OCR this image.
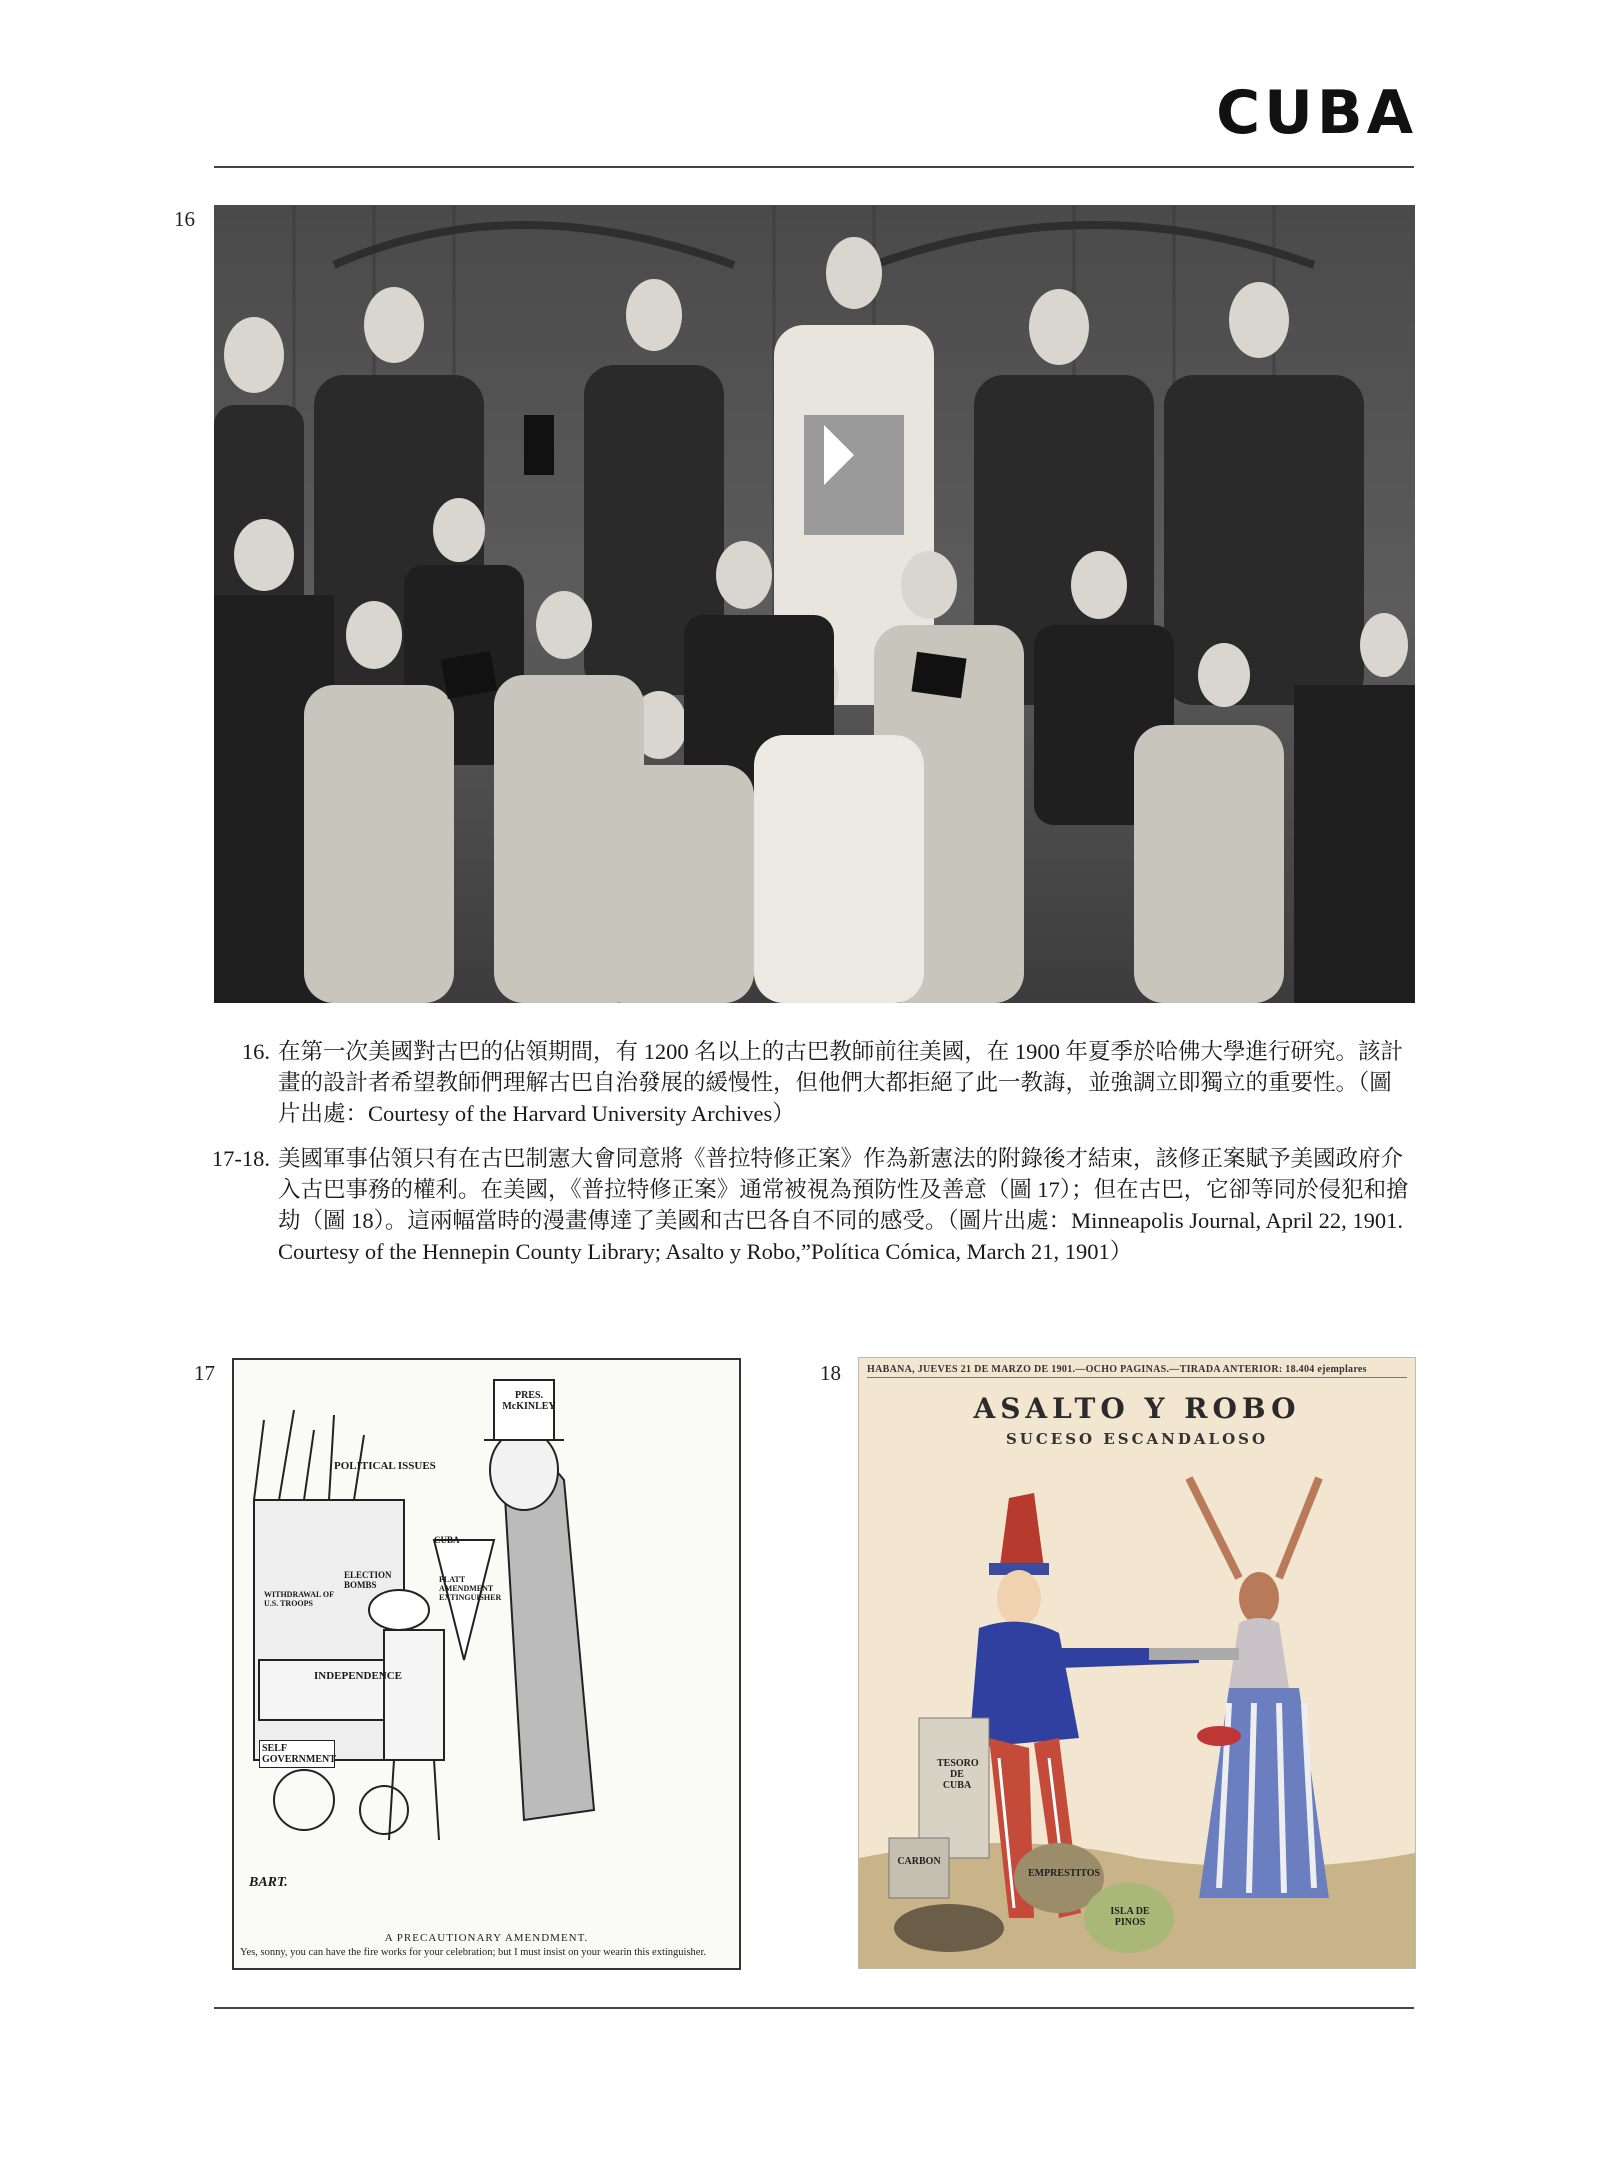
CUBA
16
16. 在第一次美國對古巴的佔領期間，有 1200 名以上的古巴教師前往美國，在 1900 年夏季於哈佛大學進行研究。該計畫的設計者希望教師們理解古巴自治發展的緩慢性，但他們大都拒絕了此一教誨，並強調立即獨立的重要性。（圖片出處：Courtesy of the Harvard University Archives）
17-18. 美國軍事佔領只有在古巴制憲大會同意將《普拉特修正案》作為新憲法的附錄後才結束，該修正案賦予美國政府介入古巴事務的權利。在美國，《普拉特修正案》通常被視為預防性及善意（圖 17）；但在古巴，它卻等同於侵犯和搶劫（圖 18）。這兩幅當時的漫畫傳達了美國和古巴各自不同的感受。（圖片出處：Minneapolis Journal, April 22, 1901. Courtesy of the Hennepin County Library; Asalto y Robo,”Política Cómica, March 21, 1901）
17
PRES. McKINLEY
POLITICAL ISSUES
CUBA
ELECTION BOMBS
WITHDRAWAL OF U.S. TROOPS
PLATT AMENDMENT EXTINGUISHER
INDEPENDENCE
SELF GOVERNMENT
BART.
A PRECAUTIONARY AMENDMENT.
Yes, sonny, you can have the fire works for your celebration; but I must insist on your wearin this extinguisher.
18	HABANA, JUEVES 21 DE MARZO DE 1901.—OCHO PAGINAS.—TIRADA ANTERIOR: 18.404 ejemplares
ASALTO Y ROBO
SUCESO ESCANDALOSO
TESORO DE CUBA
CARBON
EMPRESTITOS
ISLA DE PINOS
